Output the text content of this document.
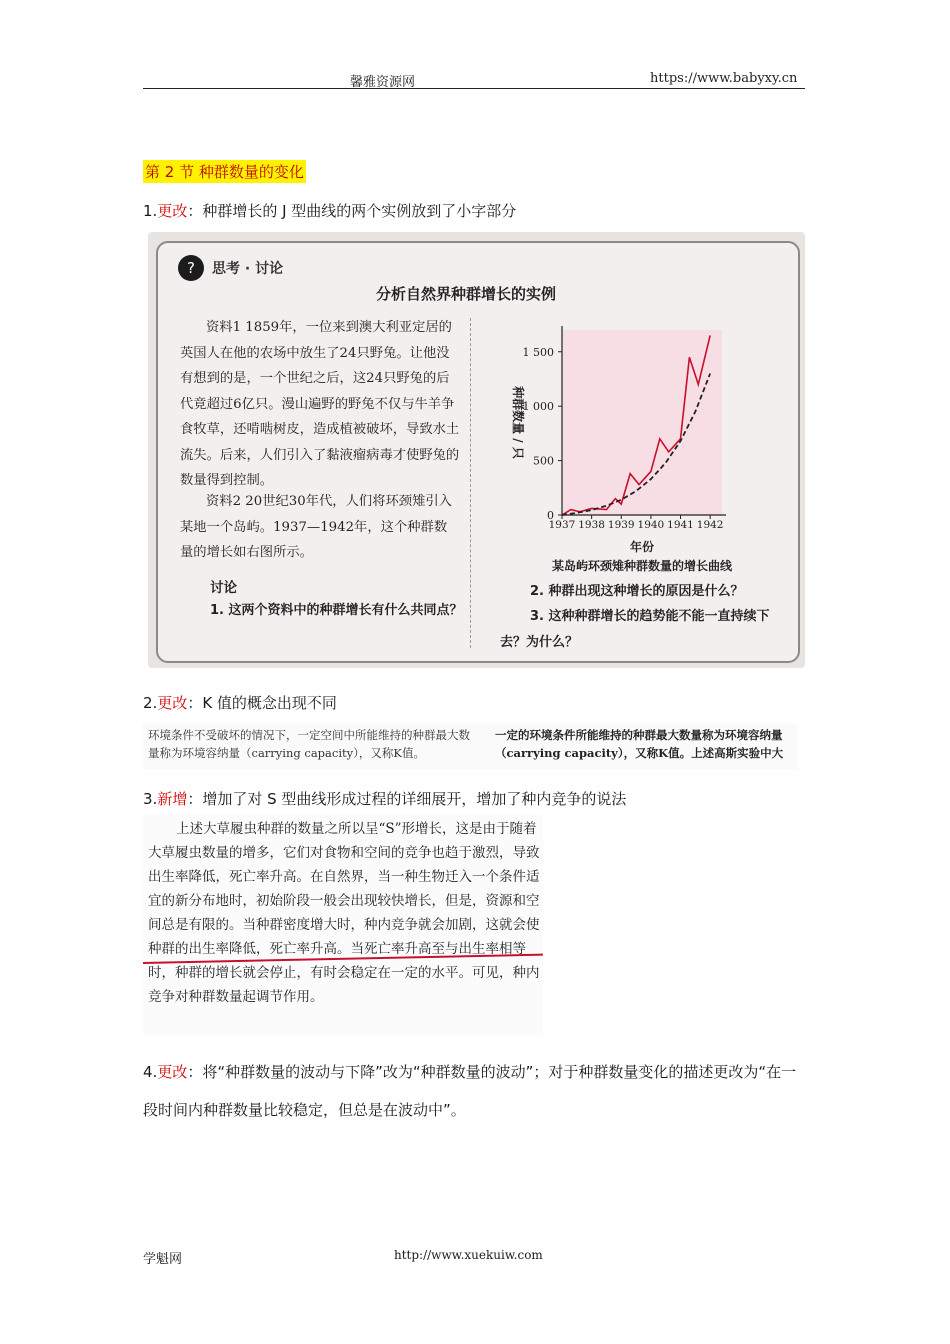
馨雅资源网	https://www.babyxy.cn
第 2 节 种群数量的变化
1.更改：种群增长的 J 型曲线的两个实例放到了小字部分
?	思考 · 讨论
分析自然界种群增长的实例
资料1 1859年，一位来到澳大利亚定居的英国人在他的农场中放生了24只野兔。让他没有想到的是，一个世纪之后，这24只野兔的后代竟超过6亿只。漫山遍野的野兔不仅与牛羊争食牧草，还啃啮树皮，造成植被破坏，导致水土流失。后来，人们引入了黏液瘤病毒才使野兔的数量得到控制。
资料2 20世纪30年代，人们将环颈雉引入某地一个岛屿。1937—1942年，这个种群数量的增长如右图所示。
讨论
1. 这两个资料中的种群增长有什么共同点？
0
500
1 000
1 500
1937 1938 1939 1940 1941 1942
种群数量 / 只
年份
某岛屿环颈雉种群数量的增长曲线
2. 种群出现这种增长的原因是什么？
3. 这种种群增长的趋势能不能一直持续下去？为什么？
2.更改：K 值的概念出现不同
环境条件不受破坏的情况下，一定空间中所能维持的种群最大数量称为环境容纳量（carrying capacity），又称K值。
一定的环境条件所能维持的种群最大数量称为环境容纳量（carrying capacity），又称K值。上述高斯实验中大
3.新增：增加了对 S 型曲线形成过程的详细展开，增加了种内竞争的说法
上述大草履虫种群的数量之所以呈“S”形增长，这是由于随着大草履虫数量的增多，它们对食物和空间的竞争也趋于激烈，导致出生率降低，死亡率升高。在自然界，当一种生物迁入一个条件适宜的新分布地时，初始阶段一般会出现较快增长，但是，资源和空间总是有限的。当种群密度增大时，种内竞争就会加剧，这就会使种群的出生率降低，死亡率升高。当死亡率升高至与出生率相等时，种群的增长就会停止，有时会稳定在一定的水平。可见，种内竞争对种群数量起调节作用。
4.更改：将“种群数量的波动与下降”改为“种群数量的波动”；对于种群数量变化的描述更改为“在一段时间内种群数量比较稳定，但总是在波动中”。
学魁网	http://www.xuekuiw.com
